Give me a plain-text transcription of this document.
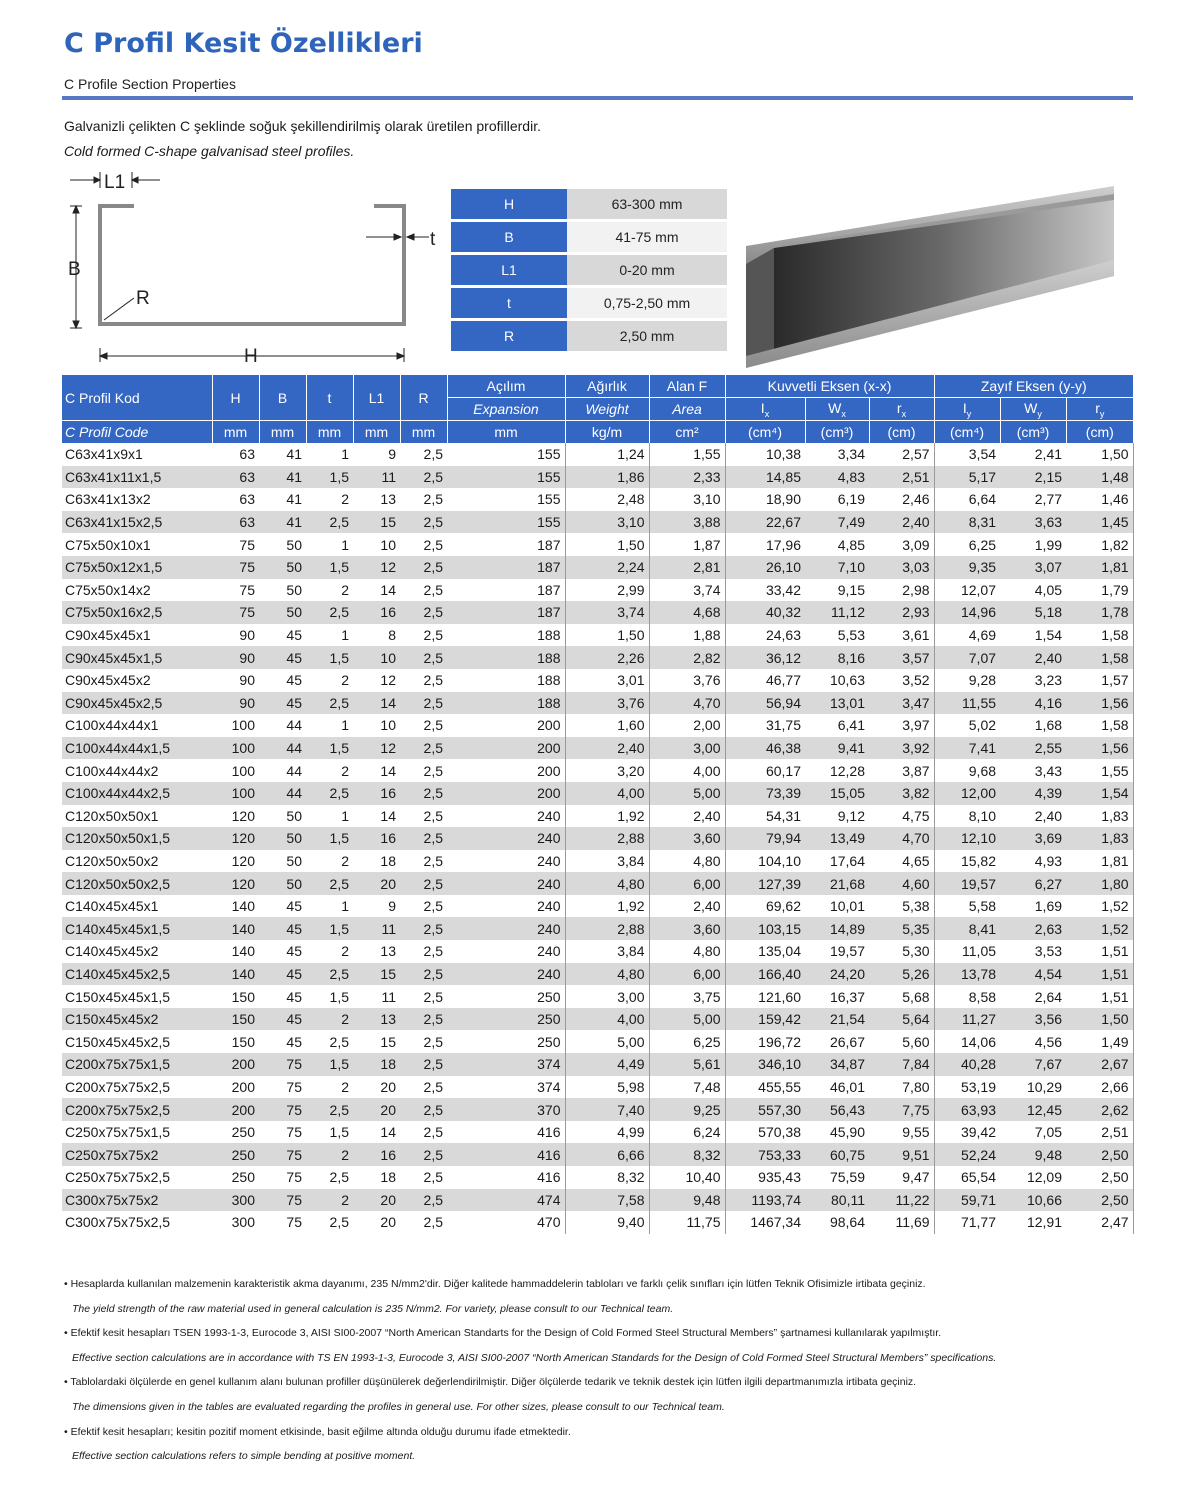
C Profil Kesit Özellikleri
C Profile Section Properties
Galvanizli çelikten C şeklinde soğuk şekillendirilmiş olarak üretilen profillerdir.
Cold formed C-shape galvanisad steel profiles.
L1
t
B
R
H
H	63-300 mm
B	41-75 mm
L1	0-20 mm
t	0,75-2,50 mm
R	2,50 mm
C Profil Kod	H	B	t	L1	R	Açılım	Ağırlık	Alan F	Kuvvetli Eksen (x-x)			Zayıf Eksen (y-y)		
						Expansion	Weight	Area	$I_x$	$W_x$	$r_x$	$I_y$	$W_y$	$r_y$
C Profil Code	mm	mm	mm	mm	mm	mm	kg/m	cm²	(cm⁴)	(cm³)	(cm)	(cm⁴)	(cm³)	(cm)
C63x41x9x1	63	41	1	9	2,5	155	1,24	1,55	10,38	3,34	2,57	3,54	2,41	1,50
C63x41x11x1,5	63	41	1,5	11	2,5	155	1,86	2,33	14,85	4,83	2,51	5,17	2,15	1,48
C63x41x13x2	63	41	2	13	2,5	155	2,48	3,10	18,90	6,19	2,46	6,64	2,77	1,46
C63x41x15x2,5	63	41	2,5	15	2,5	155	3,10	3,88	22,67	7,49	2,40	8,31	3,63	1,45
C75x50x10x1	75	50	1	10	2,5	187	1,50	1,87	17,96	4,85	3,09	6,25	1,99	1,82
C75x50x12x1,5	75	50	1,5	12	2,5	187	2,24	2,81	26,10	7,10	3,03	9,35	3,07	1,81
C75x50x14x2	75	50	2	14	2,5	187	2,99	3,74	33,42	9,15	2,98	12,07	4,05	1,79
C75x50x16x2,5	75	50	2,5	16	2,5	187	3,74	4,68	40,32	11,12	2,93	14,96	5,18	1,78
C90x45x45x1	90	45	1	8	2,5	188	1,50	1,88	24,63	5,53	3,61	4,69	1,54	1,58
C90x45x45x1,5	90	45	1,5	10	2,5	188	2,26	2,82	36,12	8,16	3,57	7,07	2,40	1,58
C90x45x45x2	90	45	2	12	2,5	188	3,01	3,76	46,77	10,63	3,52	9,28	3,23	1,57
C90x45x45x2,5	90	45	2,5	14	2,5	188	3,76	4,70	56,94	13,01	3,47	11,55	4,16	1,56
C100x44x44x1	100	44	1	10	2,5	200	1,60	2,00	31,75	6,41	3,97	5,02	1,68	1,58
C100x44x44x1,5	100	44	1,5	12	2,5	200	2,40	3,00	46,38	9,41	3,92	7,41	2,55	1,56
C100x44x44x2	100	44	2	14	2,5	200	3,20	4,00	60,17	12,28	3,87	9,68	3,43	1,55
C100x44x44x2,5	100	44	2,5	16	2,5	200	4,00	5,00	73,39	15,05	3,82	12,00	4,39	1,54
C120x50x50x1	120	50	1	14	2,5	240	1,92	2,40	54,31	9,12	4,75	8,10	2,40	1,83
C120x50x50x1,5	120	50	1,5	16	2,5	240	2,88	3,60	79,94	13,49	4,70	12,10	3,69	1,83
C120x50x50x2	120	50	2	18	2,5	240	3,84	4,80	104,10	17,64	4,65	15,82	4,93	1,81
C120x50x50x2,5	120	50	2,5	20	2,5	240	4,80	6,00	127,39	21,68	4,60	19,57	6,27	1,80
C140x45x45x1	140	45	1	9	2,5	240	1,92	2,40	69,62	10,01	5,38	5,58	1,69	1,52
C140x45x45x1,5	140	45	1,5	11	2,5	240	2,88	3,60	103,15	14,89	5,35	8,41	2,63	1,52
C140x45x45x2	140	45	2	13	2,5	240	3,84	4,80	135,04	19,57	5,30	11,05	3,53	1,51
C140x45x45x2,5	140	45	2,5	15	2,5	240	4,80	6,00	166,40	24,20	5,26	13,78	4,54	1,51
C150x45x45x1,5	150	45	1,5	11	2,5	250	3,00	3,75	121,60	16,37	5,68	8,58	2,64	1,51
C150x45x45x2	150	45	2	13	2,5	250	4,00	5,00	159,42	21,54	5,64	11,27	3,56	1,50
C150x45x45x2,5	150	45	2,5	15	2,5	250	5,00	6,25	196,72	26,67	5,60	14,06	4,56	1,49
C200x75x75x1,5	200	75	1,5	18	2,5	374	4,49	5,61	346,10	34,87	7,84	40,28	7,67	2,67
C200x75x75x2,5	200	75	2	20	2,5	374	5,98	7,48	455,55	46,01	7,80	53,19	10,29	2,66
C200x75x75x2,5	200	75	2,5	20	2,5	370	7,40	9,25	557,30	56,43	7,75	63,93	12,45	2,62
C250x75x75x1,5	250	75	1,5	14	2,5	416	4,99	6,24	570,38	45,90	9,55	39,42	7,05	2,51
C250x75x75x2	250	75	2	16	2,5	416	6,66	8,32	753,33	60,75	9,51	52,24	9,48	2,50
C250x75x75x2,5	250	75	2,5	18	2,5	416	8,32	10,40	935,43	75,59	9,47	65,54	12,09	2,50
C300x75x75x2	300	75	2	20	2,5	474	7,58	9,48	1193,74	80,11	11,22	59,71	10,66	2,50
C300x75x75x2,5	300	75	2,5	20	2,5	470	9,40	11,75	1467,34	98,64	11,69	71,77	12,91	2,47
• Hesaplarda kullanılan malzemenin karakteristik akma dayanımı, 235 N/mm2'dir. Diğer kalitede hammaddelerin tabloları ve farklı çelik sınıfları için lütfen Teknik Ofisimizle irtibata geçiniz.
The yield strength of the raw material used in general calculation is 235 N/mm2. For variety, please consult to our Technical team.
• Efektif kesit hesapları TSEN 1993-1-3, Eurocode 3, AISI SI00-2007 “North American Standarts for the Design of Cold Formed Steel Structural Members” şartnamesi kullanılarak yapılmıştır.
Effective section calculations are in accordance with TS EN 1993-1-3, Eurocode 3, AISI SI00-2007 “North American Standards for the Design of Cold Formed Steel Structural Members” specifications.
• Tablolardaki ölçülerde en genel kullanım alanı bulunan profiller düşünülerek değerlendirilmiştir. Diğer ölçülerde tedarik ve teknik destek için lütfen ilgili departmanımızla irtibata geçiniz.
The dimensions given in the tables are evaluated regarding the profiles in general use. For other sizes, please consult to our Technical team.
• Efektif kesit hesapları; kesitin pozitif moment etkisinde, basit eğilme altında olduğu durumu ifade etmektedir.
Effective section calculations refers to simple bending at positive moment.
